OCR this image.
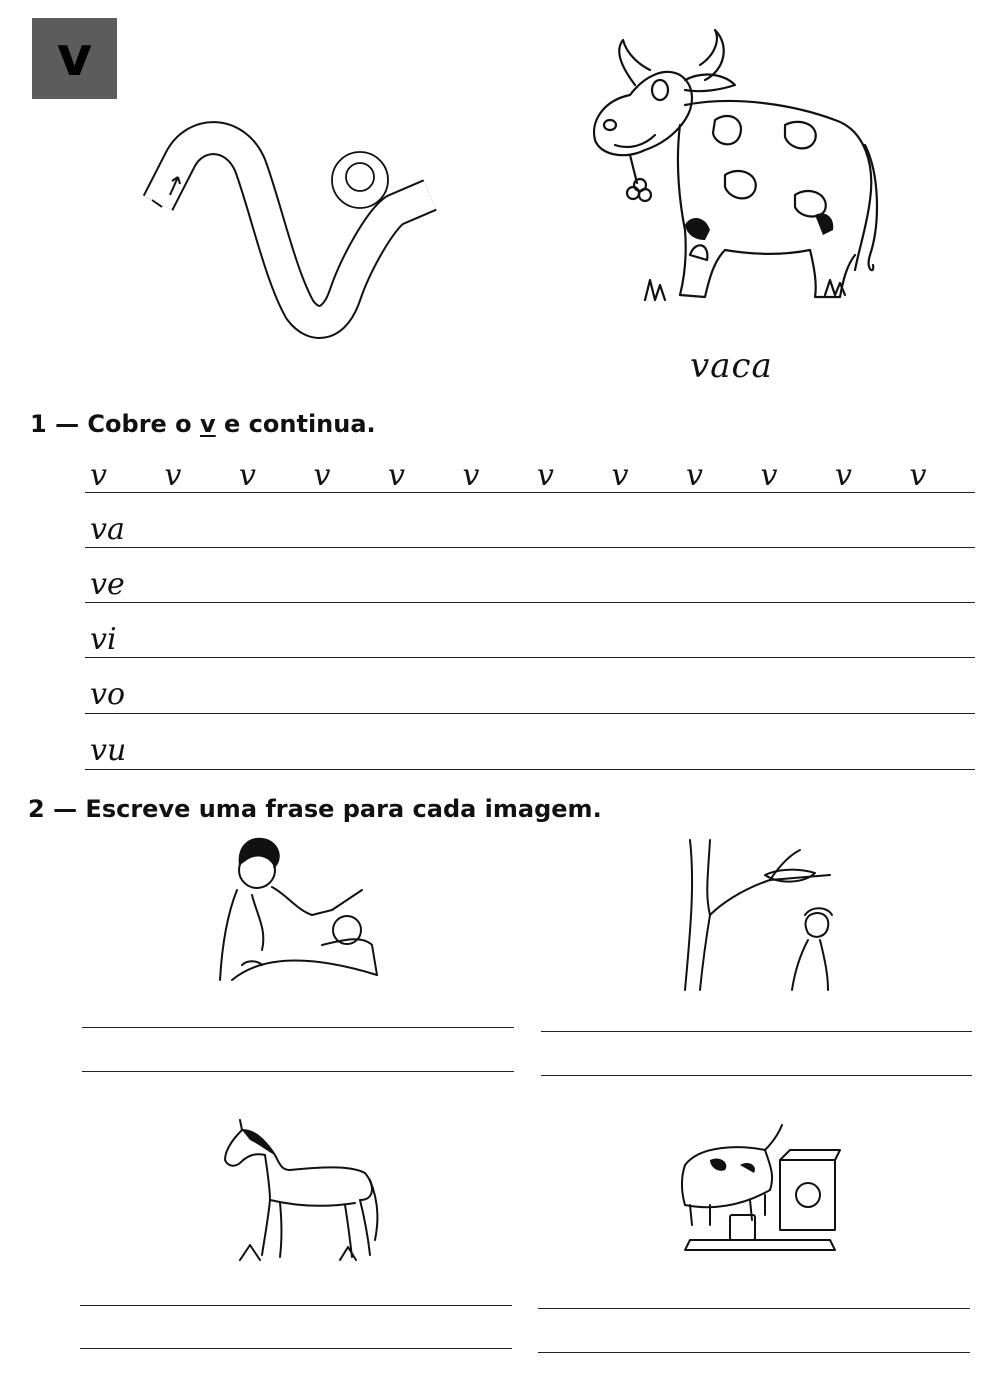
v
vaca
1 — Cobre o v e continua.
v v v v v v v v v v v v
va
ve
vi
vo
vu
2 — Escreve uma frase para cada imagem.
